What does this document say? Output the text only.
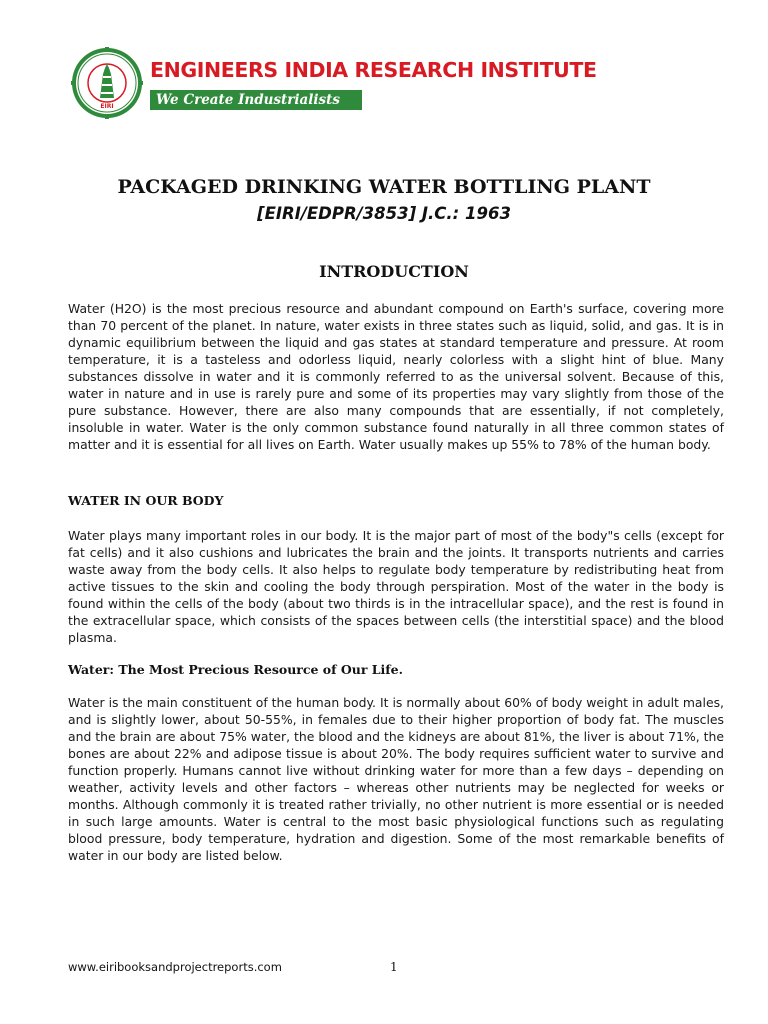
EIRI
ENGINEERS INDIA RESEARCH INSTITUTE
We Create Industrialists
PACKAGED DRINKING WATER BOTTLING PLANT
[EIRI/EDPR/3853] J.C.: 1963
INTRODUCTION

Water (H2O) is the most precious resource and abundant compound on Earth's surface, covering more than 70 percent of the planet. In nature, water exists in three states such as liquid, solid, and gas. It is in dynamic equilibrium between the liquid and gas states at standard temperature and pressure. At room temperature, it is a tasteless and odorless liquid, nearly colorless with a slight hint of blue. Many substances dissolve in water and it is commonly referred to as the universal solvent. Because of this, water in nature and in use is rarely pure and some of its properties may vary slightly from those of the pure substance. However, there are also many compounds that are essentially, if not completely, insoluble in water. Water is the only common substance found naturally in all three common states of matter and it is essential for all lives on Earth. Water usually makes up 55% to 78% of the human body.

WATER IN OUR BODY

Water plays many important roles in our body. It is the major part of most of the body"s cells (except for fat cells) and it also cushions and lubricates the brain and the joints. It transports nutrients and carries waste away from the body cells. It also helps to regulate body temperature by redistributing heat from active tissues to the skin and cooling the body through perspiration. Most of the water in the body is found within the cells of the body (about two thirds is in the intracellular space), and the rest is found in the extracellular space, which consists of the spaces between cells (the interstitial space) and the blood plasma.

Water: The Most Precious Resource of Our Life.

Water is the main constituent of the human body. It is normally about 60% of body weight in adult males, and is slightly lower, about 50-55%, in females due to their higher proportion of body fat. The muscles and the brain are about 75% water, the blood and the kidneys are about 81%, the liver is about 71%, the bones are about 22% and adipose tissue is about 20%. The body requires sufficient water to survive and function properly. Humans cannot live without drinking water for more than a few days – depending on weather, activity levels and other factors – whereas other nutrients may be neglected for weeks or months. Although commonly it is treated rather trivially, no other nutrient is more essential or is needed in such large amounts. Water is central to the most basic physiological functions such as regulating blood pressure, body temperature, hydration and digestion. Some of the most remarkable benefits of water in our body are listed below.

www.eiribooksandprojectreports.com	1
